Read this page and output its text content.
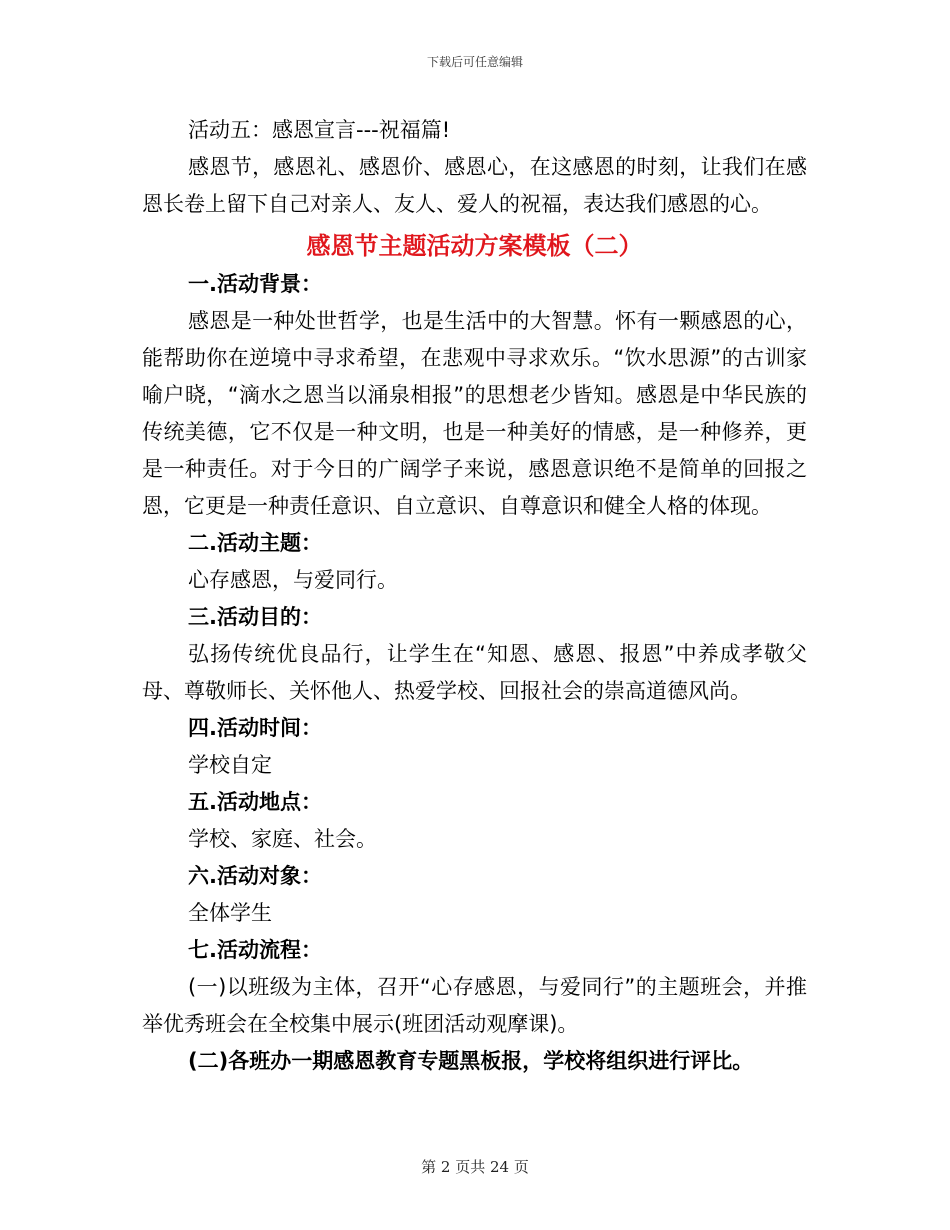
下载后可任意编辑

活动五：感恩宣言---祝福篇!

感恩节，感恩礼、感恩价、感恩心，在这感恩的时刻，让我们在感恩长卷上留下自己对亲人、友人、爱人的祝福，表达我们感恩的心。

感恩节主题活动方案模板（二）

一.活动背景：

感恩是一种处世哲学，也是生活中的大智慧。怀有一颗感恩的心，能帮助你在逆境中寻求希望，在悲观中寻求欢乐。“饮水思源”的古训家喻户晓，“滴水之恩当以涌泉相报”的思想老少皆知。感恩是中华民族的传统美德，它不仅是一种文明，也是一种美好的情感，是一种修养，更是一种责任。对于今日的广阔学子来说，感恩意识绝不是简单的回报之恩，它更是一种责任意识、自立意识、自尊意识和健全人格的体现。

二.活动主题：

心存感恩，与爱同行。

三.活动目的：

弘扬传统优良品行，让学生在“知恩、感恩、报恩”中养成孝敬父母、尊敬师长、关怀他人、热爱学校、回报社会的崇高道德风尚。

四.活动时间：

学校自定

五.活动地点：

学校、家庭、社会。

六.活动对象：

全体学生

七.活动流程：

(一)以班级为主体，召开“心存感恩，与爱同行”的主题班会，并推举优秀班会在全校集中展示(班团活动观摩课)。

(二)各班办一期感恩教育专题黑板报，学校将组织进行评比。

第 2 页共 24 页
